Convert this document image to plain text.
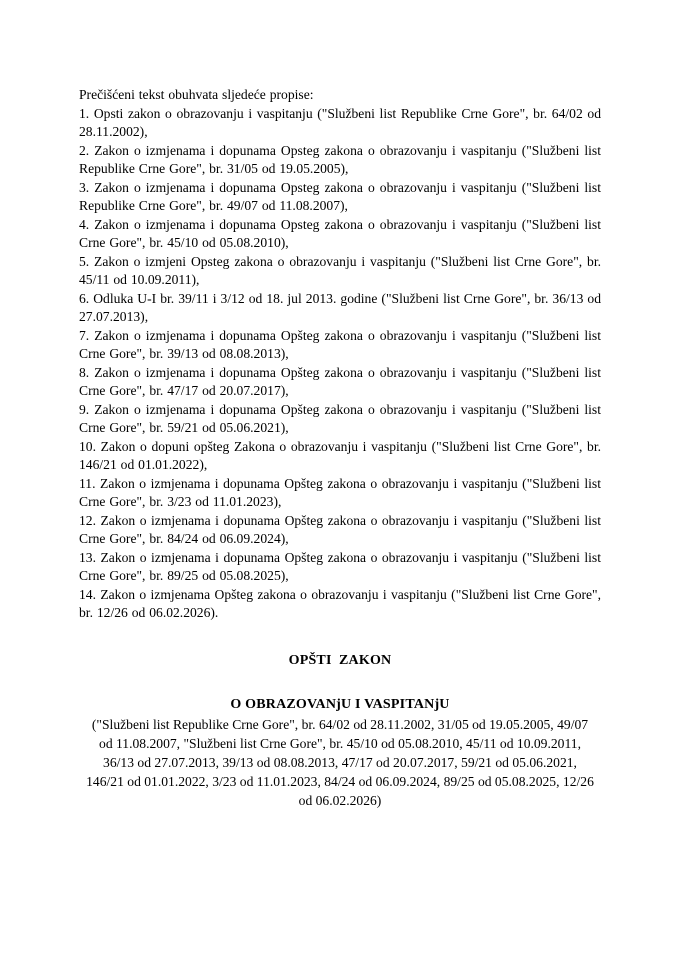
Prečišćeni tekst obuhvata sljedeće propise:

1. Opsti zakon o obrazovanju i vaspitanju ("Službeni list Republike Crne Gore", br. 64/02 od 28.11.2002),

2. Zakon o izmjenama i dopunama Opsteg zakona o obrazovanju i vaspitanju ("Službeni list Republike Crne Gore", br. 31/05 od 19.05.2005),

3. Zakon o izmjenama i dopunama Opsteg zakona o obrazovanju i vaspitanju ("Službeni list Republike Crne Gore", br. 49/07 od 11.08.2007),

4. Zakon o izmjenama i dopunama Opsteg zakona o obrazovanju i vaspitanju ("Službeni list Crne Gore", br. 45/10 od 05.08.2010),

5. Zakon o izmjeni Opsteg zakona o obrazovanju i vaspitanju ("Službeni list Crne Gore", br. 45/11 od 10.09.2011),

6. Odluka U-I br. 39/11 i 3/12 od 18. jul 2013. godine ("Službeni list Crne Gore", br. 36/13 od 27.07.2013),

7. Zakon o izmjenama i dopunama Opšteg zakona o obrazovanju i vaspitanju ("Službeni list Crne Gore", br. 39/13 od 08.08.2013),

8. Zakon o izmjenama i dopunama Opšteg zakona o obrazovanju i vaspitanju ("Službeni list Crne Gore", br. 47/17 od 20.07.2017),

9. Zakon o izmjenama i dopunama Opšteg zakona o obrazovanju i vaspitanju ("Službeni list Crne Gore", br. 59/21 od 05.06.2021),

10. Zakon o dopuni opšteg Zakona o obrazovanju i vaspitanju ("Službeni list Crne Gore", br. 146/21 od 01.01.2022),

11. Zakon o izmjenama i dopunama Opšteg zakona o obrazovanju i vaspitanju ("Službeni list Crne Gore", br. 3/23 od 11.01.2023),

12. Zakon o izmjenama i dopunama Opšteg zakona o obrazovanju i vaspitanju ("Službeni list Crne Gore", br. 84/24 od 06.09.2024),

13. Zakon o izmjenama i dopunama Opšteg zakona o obrazovanju i vaspitanju ("Službeni list Crne Gore", br. 89/25 od 05.08.2025),

14. Zakon o izmjenama Opšteg zakona o obrazovanju i vaspitanju ("Službeni list Crne Gore", br. 12/26 od 06.02.2026).

OPŠTI  ZAKON
O OBRAZOVANjU I VASPITANjU

("Službeni list Republike Crne Gore", br. 64/02 od 28.11.2002, 31/05 od 19.05.2005, 49/07 od 11.08.2007, "Službeni list Crne Gore", br. 45/10 od 05.08.2010, 45/11 od 10.09.2011, 36/13 od 27.07.2013, 39/13 od 08.08.2013, 47/17 od 20.07.2017, 59/21 od 05.06.2021, 146/21 od 01.01.2022, 3/23 od 11.01.2023, 84/24 od 06.09.2024, 89/25 od 05.08.2025, 12/26 od 06.02.2026)
